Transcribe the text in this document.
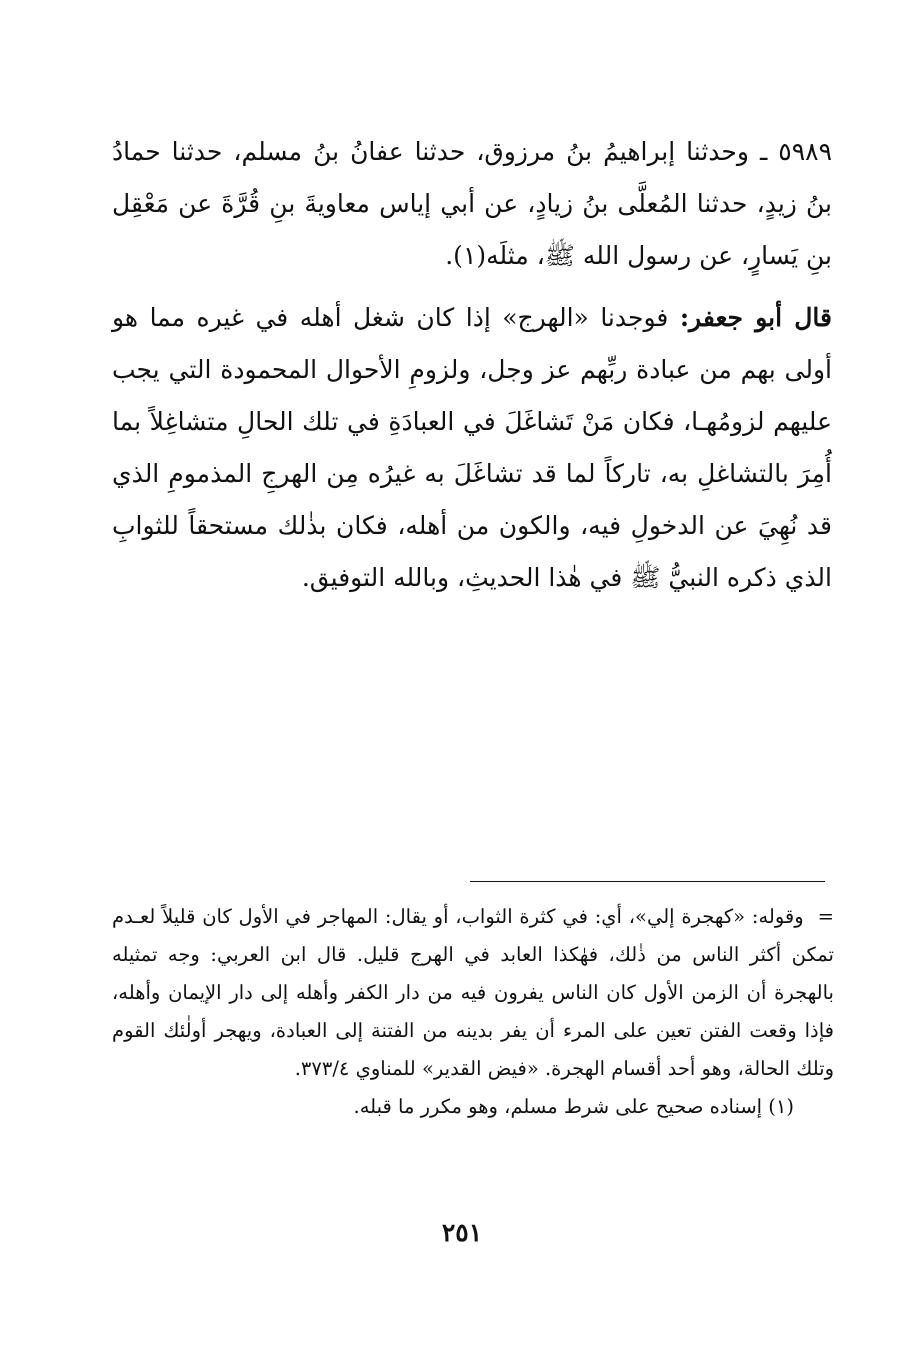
٥٩٨٩ ـ وحدثنا إبراهيمُ بنُ مرزوق، حدثنا عفانُ بنُ مسلم، حدثنا حمادُ بنُ زيدٍ، حدثنا المُعلَّى بنُ زيادٍ، عن أبي إياس معاويةَ بنِ قُرَّةَ عن مَعْقِل بنِ يَسارٍ، عن رسول الله ﷺ، مثلَه(١).

قال أبو جعفر: فوجدنا «الهرج» إذا كان شغل أهله في غيره مما هو أولى بهم من عبادة ربِّهم عز وجل، ولزومِ الأحوال المحمودة التي يجب عليهم لزومُهـا، فكان مَنْ تَشاغَلَ في العبادَةِ في تلك الحالِ متشاغِلاً بما أُمِرَ بالتشاغلِ به، تاركاً لما قد تشاغَلَ به غيرُه مِن الهرجِ المذمومِ الذي قد نُهِيَ عن الدخولِ فيه، والكون من أهله، فكان بذٰلك مستحقاً للثوابِ الذي ذكره النبيُّ ﷺ في هٰذا الحديثِ، وبالله التوفيق.

=وقوله: «كهجرة إلي»، أي: في كثرة الثواب، أو يقال: المهاجر في الأول كان قليلاً لعـدم تمكن أكثر الناس من ذٰلك، فهٰكذا العابد في الهرج قليل. قال ابن العربي: وجه تمثيله بالهجرة أن الزمن الأول كان الناس يفرون فيه من دار الكفر وأهله إلى دار الإيمان وأهله، فإذا وقعت الفتن تعين على المرء أن يفر بدينه من الفتنة إلى العبادة، ويهجر أولٰئك القوم وتلك الحالة، وهو أحد أقسام الهجرة. «فيض القدير» للمناوي ٣٧٣/٤.

(١) إسناده صحيح على شرط مسلم، وهو مكرر ما قبله.

٢٥١
